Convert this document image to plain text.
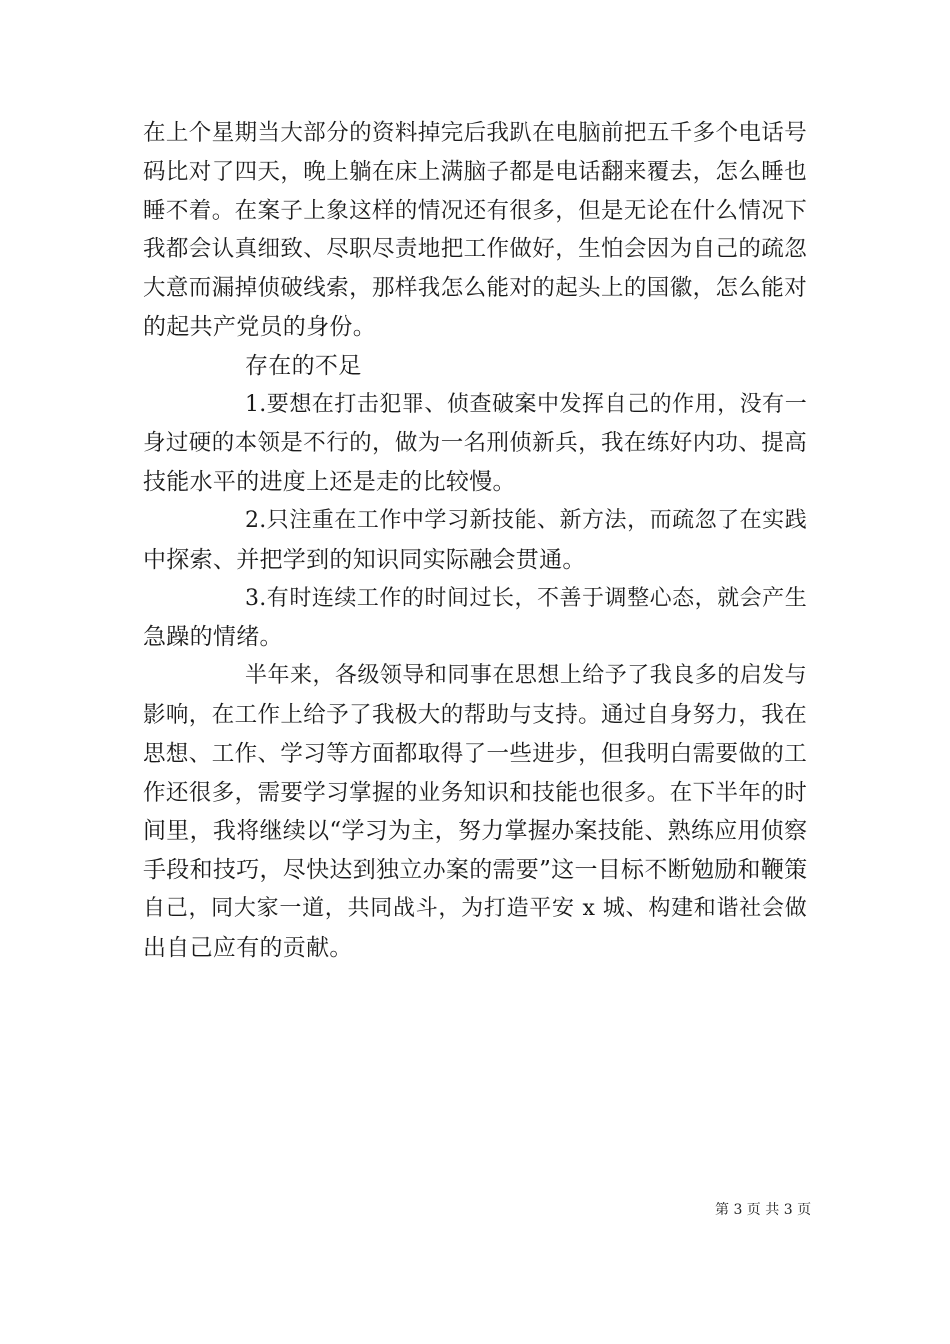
在上个星期当大部分的资料掉完后我趴在电脑前把五千多个电话号
码比对了四天，晚上躺在床上满脑子都是电话翻来覆去，怎么睡也
睡不着。在案子上象这样的情况还有很多，但是无论在什么情况下
我都会认真细致、尽职尽责地把工作做好，生怕会因为自己的疏忽
大意而漏掉侦破线索，那样我怎么能对的起头上的国徽，怎么能对
的起共产党员的身份。
存在的不足
1.要想在打击犯罪、侦查破案中发挥自己的作用，没有一
身过硬的本领是不行的，做为一名刑侦新兵，我在练好内功、提高
技能水平的进度上还是走的比较慢。
2.只注重在工作中学习新技能、新方法，而疏忽了在实践
中探索、并把学到的知识同实际融会贯通。
3.有时连续工作的时间过长，不善于调整心态，就会产生
急躁的情绪。
半年来，各级领导和同事在思想上给予了我良多的启发与
影响，在工作上给予了我极大的帮助与支持。通过自身努力，我在
思想、工作、学习等方面都取得了一些进步，但我明白需要做的工
作还很多，需要学习掌握的业务知识和技能也很多。在下半年的时
间里，我将继续以“学习为主，努力掌握办案技能、熟练应用侦察
手段和技巧，尽快达到独立办案的需要”这一目标不断勉励和鞭策
自己，同大家一道，共同战斗，为打造平安 x 城、构建和谐社会做
出自己应有的贡献。
第 3 页 共 3 页
